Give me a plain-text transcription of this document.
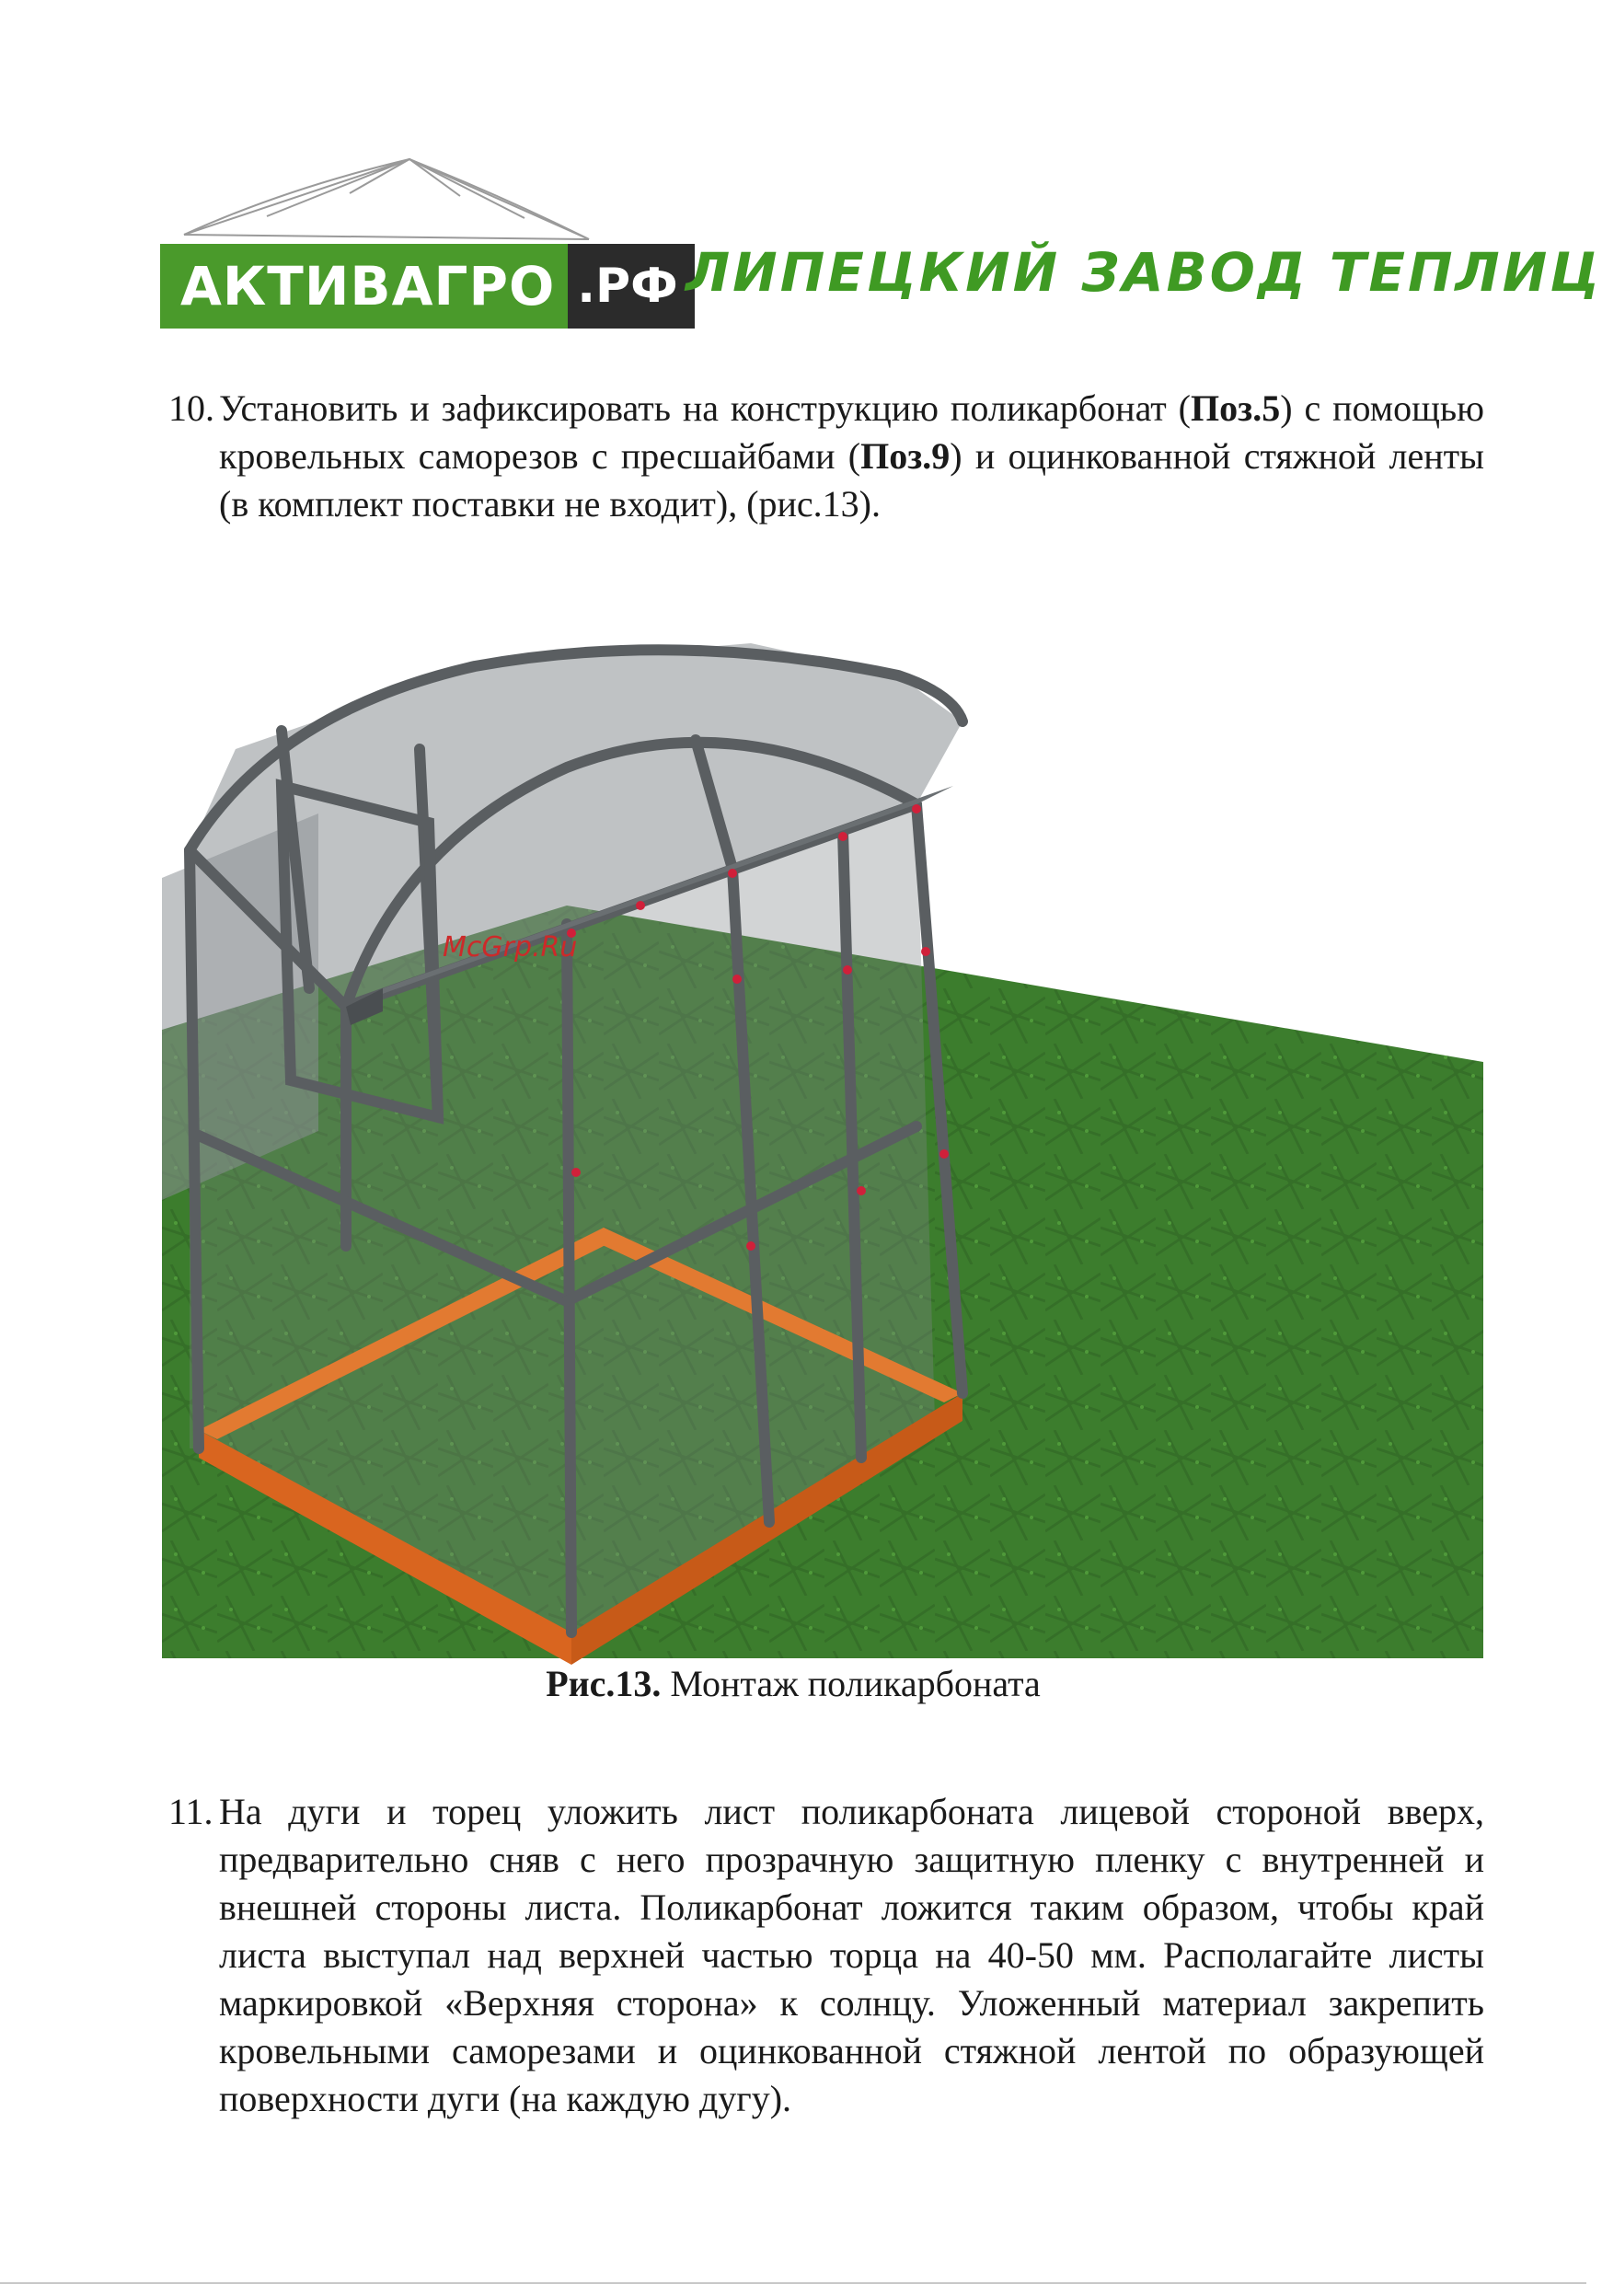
АКТИВАГРО .РФ ЛИПЕЦКИЙ ЗАВОД ТЕПЛИЦ
10. Установить и зафиксировать на конструкцию поликарбонат (Поз.5) с помощью кровельных саморезов с пресшайбами (Поз.9) и оцинкованной стяжной ленты (в комплект поставки не входит), (рис.13).

McGrp.Ru
Рис.13. Монтаж поликарбоната
11. На дуги и торец уложить лист поликарбоната лицевой стороной вверх, предварительно сняв с него прозрачную защитную пленку с внутренней и внешней стороны листа. Поликарбонат ложится таким образом, чтобы край листа выступал над верхней частью торца на 40-50 мм. Располагайте листы маркировкой «Верхняя сторона» к солнцу. Уложенный материал закрепить кровельными саморезами и оцинкованной стяжной лентой по образующей поверхности дуги (на каждую дугу).
